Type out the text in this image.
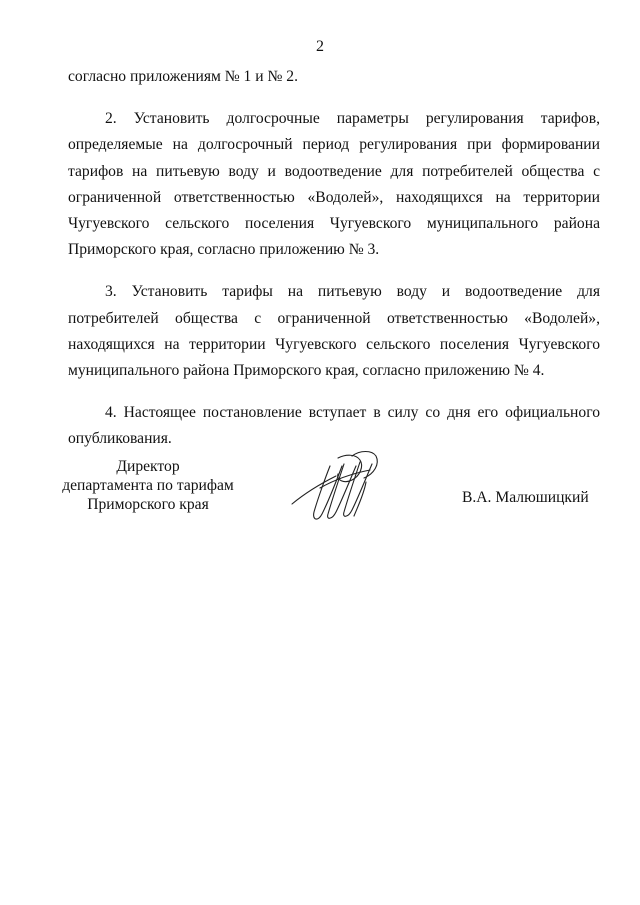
2

согласно приложениям № 1 и № 2.

2. Установить долгосрочные параметры регулирования тарифов, определяемые на долгосрочный период регулирования при формировании тарифов на питьевую воду и водоотведение для потребителей общества с ограниченной ответственностью «Водолей», находящихся на территории Чугуевского сельского поселения Чугуевского муниципального района Приморского края, согласно приложению № 3.

3. Установить тарифы на питьевую воду и водоотведение для потребителей общества с ограниченной ответственностью «Водолей», находящихся на территории Чугуевского сельского поселения Чугуевского муниципального района Приморского края, согласно приложению № 4.

4. Настоящее постановление вступает в силу со дня его официального опубликования.

Директор
департамента по тарифам
Приморского края	В.А. Малюшицкий
